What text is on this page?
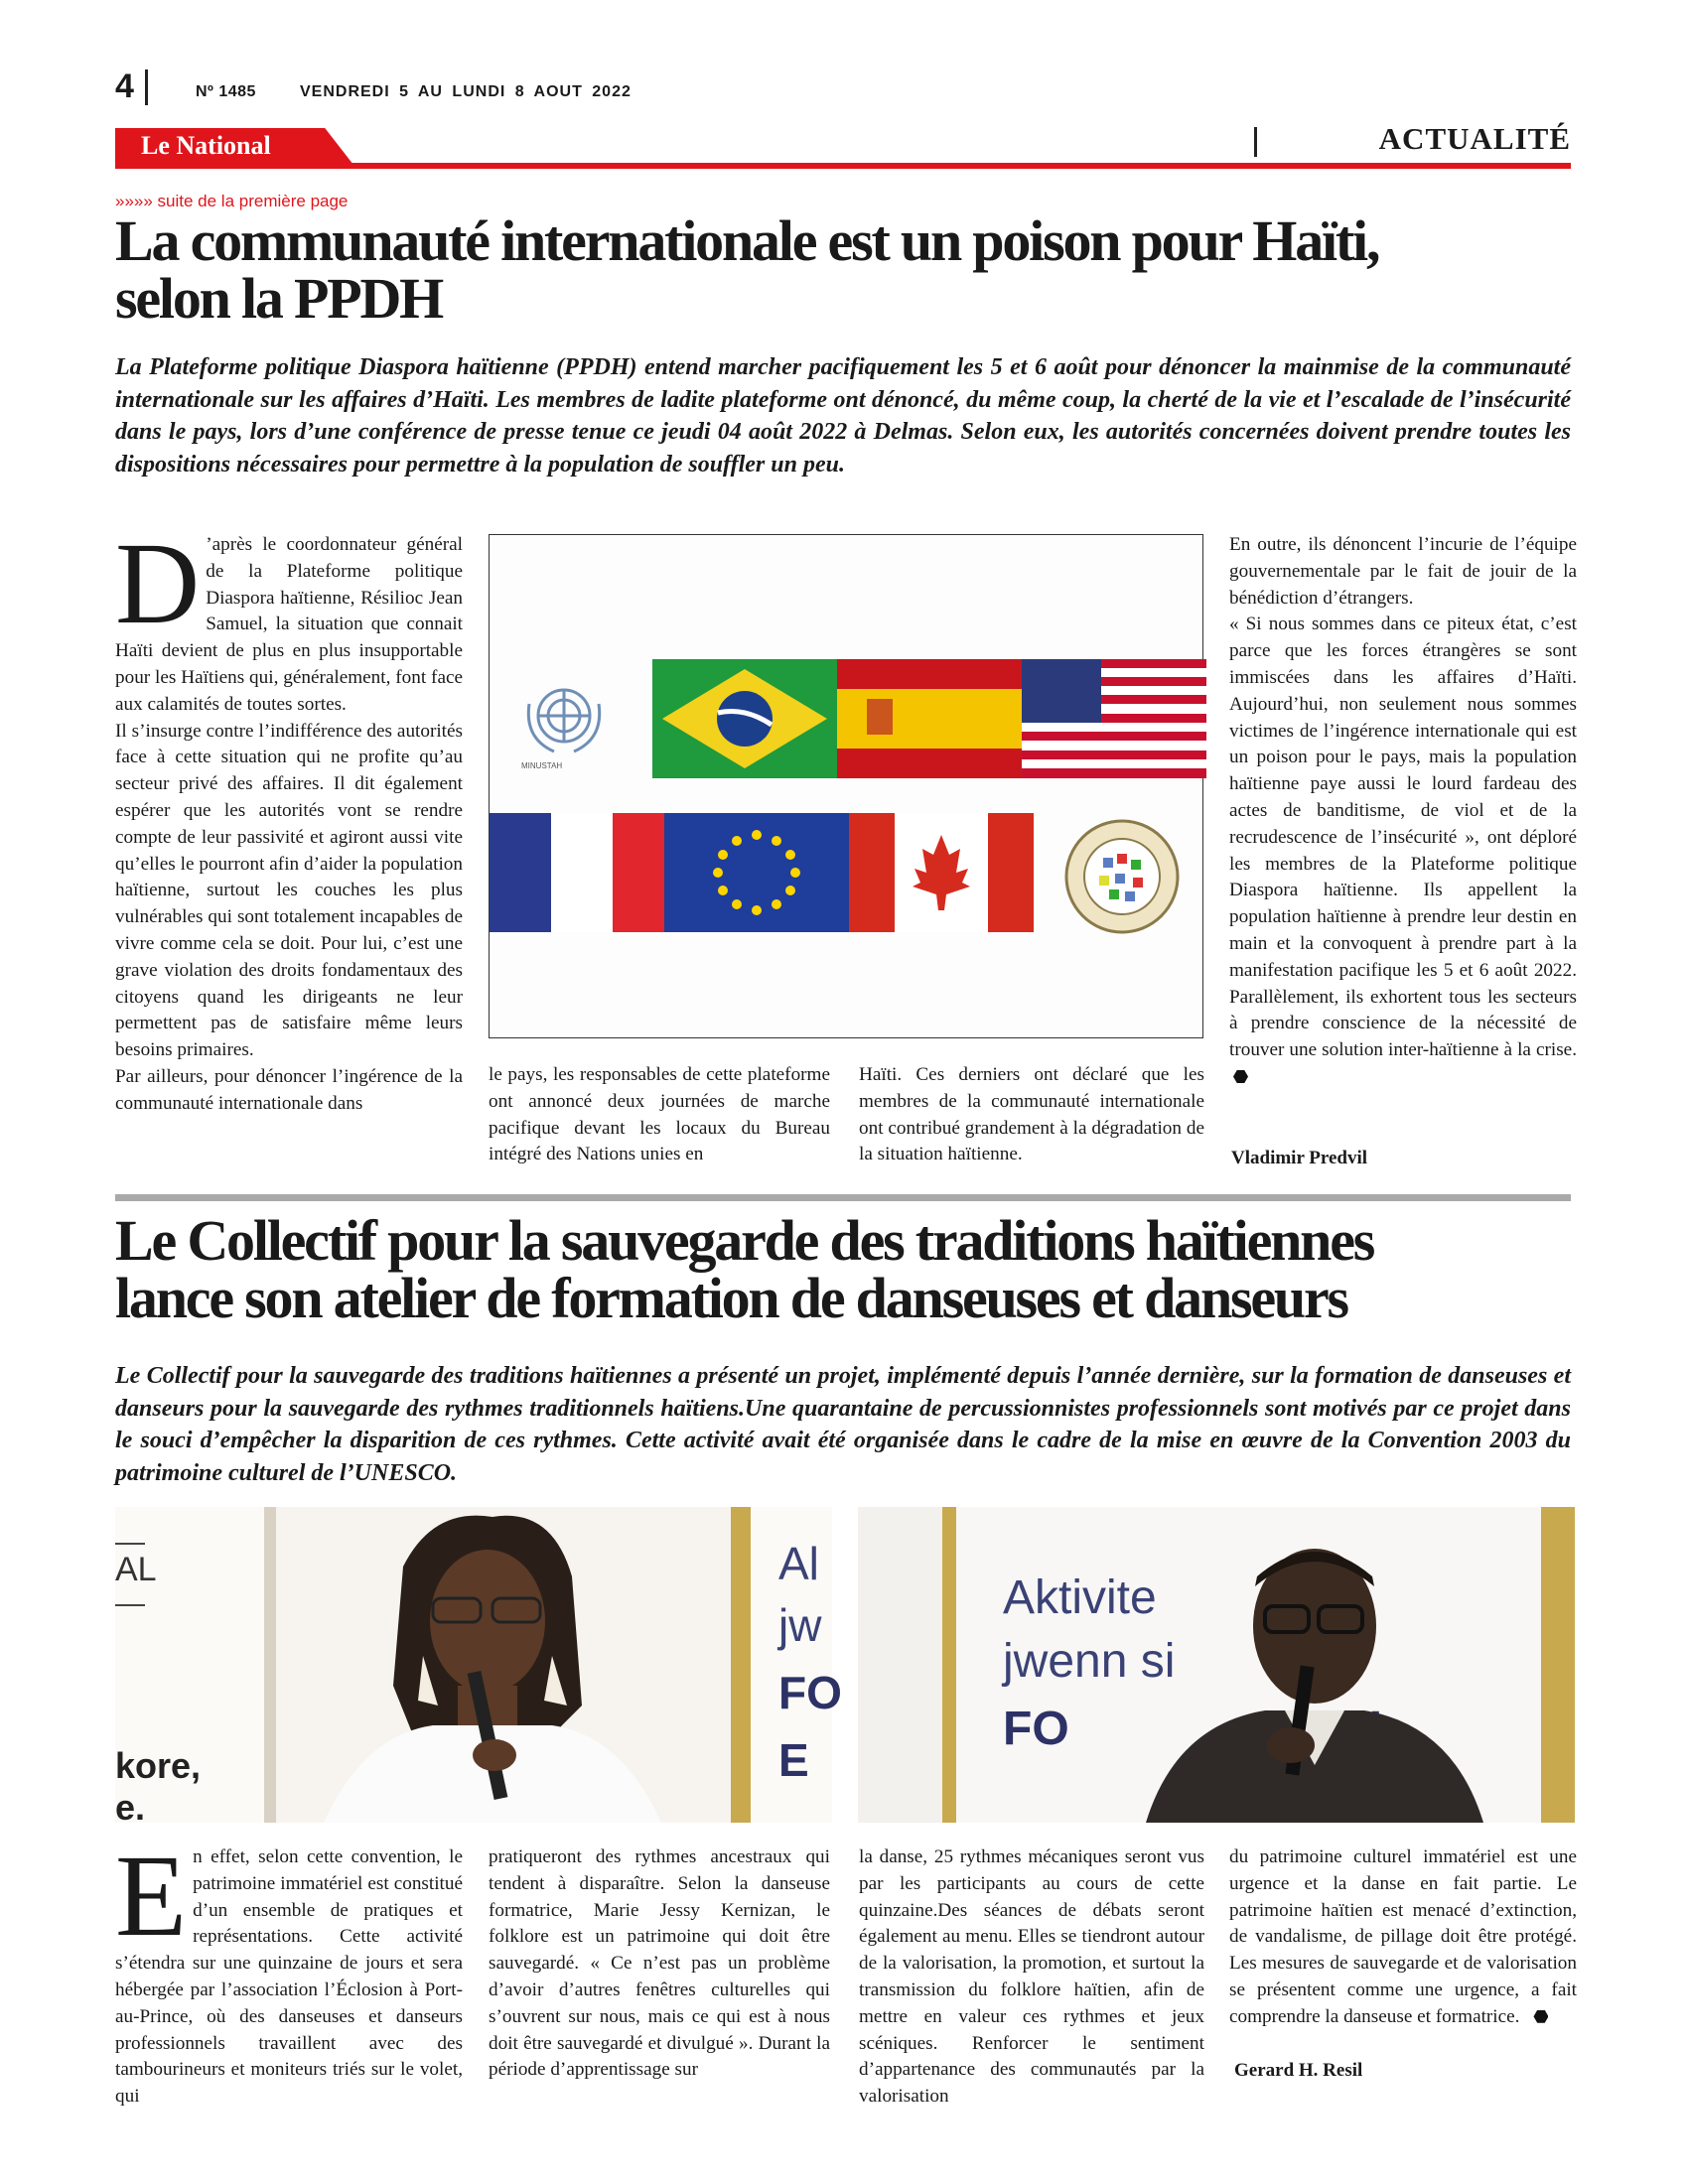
4	Nº 1485	VENDREDI 5 AU LUNDI 8 AOUT 2022
Le National	ACTUALITÉ
»»»» suite de la première page
La communauté internationale est un poison pour Haïti,
selon la PPDH
La Plateforme politique Diaspora haïtienne (PPDH) entend marcher pacifiquement les 5 et 6 août pour dénoncer la mainmise de la communauté internationale sur les affaires d’Haïti. Les membres de ladite plateforme ont dénoncé, du même coup, la cherté de la vie et l’escalade de l’insécurité dans le pays, lors d’une conférence de presse tenue ce jeudi 04 août 2022 à Delmas. Selon eux, les autorités concernées doivent prendre toutes les dispositions nécessaires pour permettre à la population de souffler un peu.
D ’après le coordonnateur général de la Plateforme politique Diaspora haïtienne, Résilioc Jean Samuel, la situation que connait Haïti devient de plus en plus insupportable pour les Haïtiens qui, généralement, font face aux calamités de toutes sortes.
Il s’insurge contre l’indifférence des autorités face à cette situation qui ne profite qu’au secteur privé des affaires. Il dit également espérer que les autorités vont se rendre compte de leur passivité et agiront aussi vite qu’elles le pourront afin d’aider la population haïtienne, surtout les couches les plus vulnérables qui sont totalement incapables de vivre comme cela se doit. Pour lui, c’est une grave violation des droits fondamentaux des citoyens quand les dirigeants ne leur permettent pas de satisfaire même leurs besoins primaires.
Par ailleurs, pour dénoncer l’ingérence de la communauté internationale dans
MINUSTAH
le pays, les responsables de cette plateforme ont annoncé deux journées de marche pacifique devant les locaux du Bureau intégré des Nations unies en
Haïti. Ces derniers ont déclaré que les membres de la communauté internationale ont contribué grandement à la dégradation de la situation haïtienne.
En outre, ils dénoncent l’incurie de l’équipe gouvernementale par le fait de jouir de la bénédiction d’étrangers.
« Si nous sommes dans ce piteux état, c’est parce que les forces étrangères se sont immiscées dans les affaires d’Haïti. Aujourd’hui, non seulement nous sommes victimes de l’ingérence internationale qui est un poison pour le pays, mais la population haïtienne paye aussi le lourd fardeau des actes de banditisme, de viol et de la recrudescence de l’insécurité », ont déploré les membres de la Plateforme politique Diaspora haïtienne. Ils appellent la population haïtienne à prendre leur destin en main et la convoquent à prendre part à la manifestation pacifique les 5 et 6 août 2022. Parallèlement, ils exhortent tous les secteurs à prendre conscience de la nécessité de trouver une solution inter-haïtienne à la crise.
Vladimir Predvil
Le Collectif pour la sauvegarde des traditions haïtiennes
lance son atelier de formation de danseuses et danseurs
Le Collectif pour la sauvegarde des traditions haïtiennes a présenté un projet, implémenté depuis l’année dernière, sur la formation de danseuses et danseurs pour la sauvegarde des rythmes traditionnels haïtiens.Une quarantaine de percussionnistes professionnels sont motivés par ce projet dans le souci d’empêcher la disparition de ces rythmes. Cette activité avait été organisée dans le cadre de la mise en œuvre de la Convention 2003 du patrimoine culturel de l’UNESCO.
AL
kore,
e.
Al
jw
FO
E
Aktivite
jwenn si
FO
En effet, selon cette convention, le patrimoine immatériel est constitué d’un ensemble de pratiques et représentations. Cette activité s’étendra sur une quinzaine de jours et sera hébergée par l’association l’Éclosion à Port-au-Prince, où des danseuses et danseurs professionnels travaillent avec des tambourineurs et moniteurs triés sur le volet, qui
pratiqueront des rythmes ancestraux qui tendent à disparaître. Selon la danseuse formatrice, Marie Jessy Kernizan, le folklore est un patrimoine qui doit être sauvegardé. « Ce n’est pas un problème d’avoir d’autres fenêtres culturelles qui s’ouvrent sur nous, mais ce qui est à nous doit être sauvegardé et divulgué ». Durant la période d’apprentissage sur
la danse, 25 rythmes mécaniques seront vus par les participants au cours de cette quinzaine.Des séances de débats seront également au menu. Elles se tiendront autour de la valorisation, la promotion, et surtout la transmission du folklore haïtien, afin de mettre en valeur ces rythmes et jeux scéniques. Renforcer le sentiment d’appartenance des communautés par la valorisation
du patrimoine culturel immatériel est une urgence et la danse en fait partie. Le patrimoine haïtien est menacé d’extinction, de vandalisme, de pillage doit être protégé. Les mesures de sauvegarde et de valorisation se présentent comme une urgence, a fait comprendre la danseuse et formatrice.
Gerard H. Resil
